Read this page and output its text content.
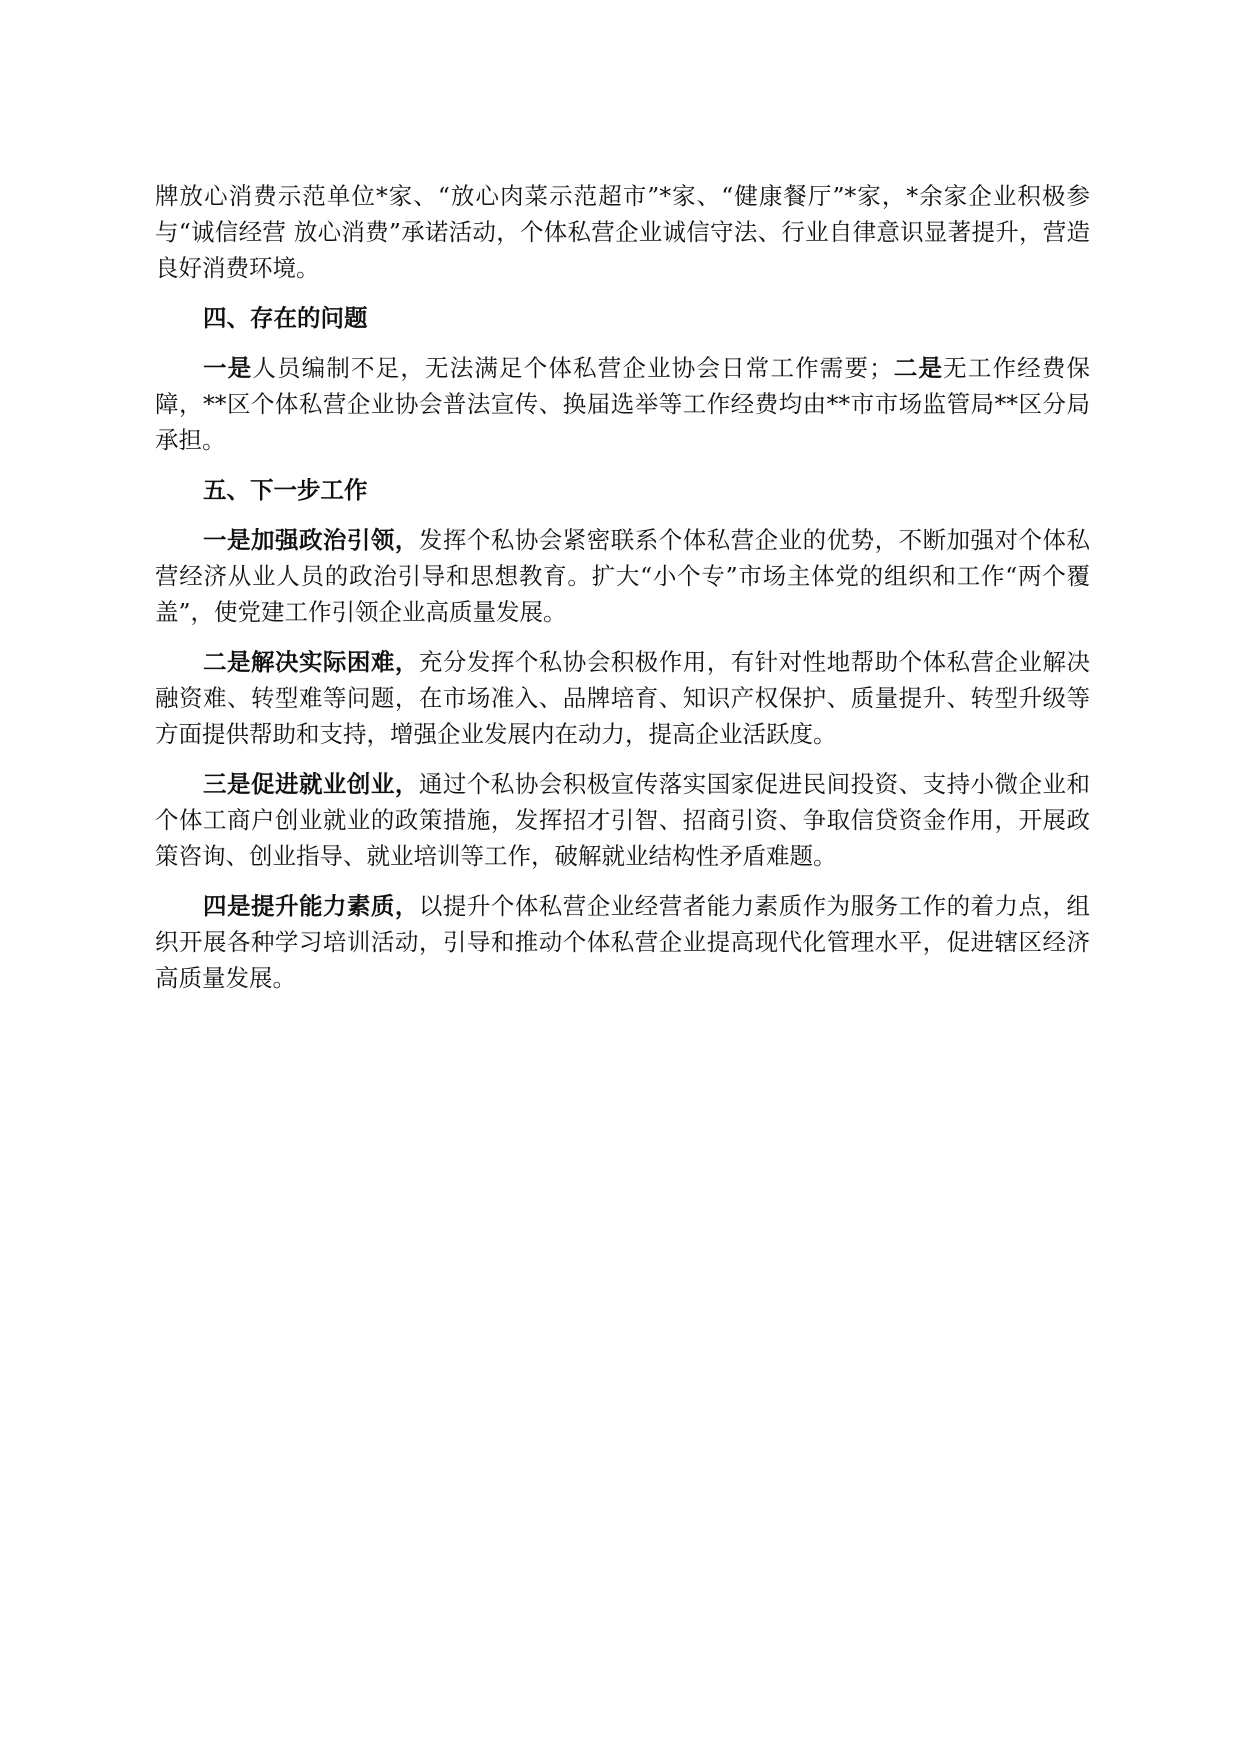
牌放心消费示范单位*家、“放心肉菜示范超市”*家、“健康餐厅”*家，*余家企业积极参与“诚信经营 放心消费”承诺活动，个体私营企业诚信守法、行业自律意识显著提升，营造良好消费环境。

四、存在的问题

一是人员编制不足，无法满足个体私营企业协会日常工作需要；二是无工作经费保障，**区个体私营企业协会普法宣传、换届选举等工作经费均由**市市场监管局**区分局承担。

五、下一步工作

一是加强政治引领，发挥个私协会紧密联系个体私营企业的优势，不断加强对个体私营经济从业人员的政治引导和思想教育。扩大“小个专”市场主体党的组织和工作“两个覆盖”，使党建工作引领企业高质量发展。

二是解决实际困难，充分发挥个私协会积极作用，有针对性地帮助个体私营企业解决融资难、转型难等问题，在市场准入、品牌培育、知识产权保护、质量提升、转型升级等方面提供帮助和支持，增强企业发展内在动力，提高企业活跃度。

三是促进就业创业，通过个私协会积极宣传落实国家促进民间投资、支持小微企业和个体工商户创业就业的政策措施，发挥招才引智、招商引资、争取信贷资金作用，开展政策咨询、创业指导、就业培训等工作，破解就业结构性矛盾难题。

四是提升能力素质，以提升个体私营企业经营者能力素质作为服务工作的着力点，组织开展各种学习培训活动，引导和推动个体私营企业提高现代化管理水平，促进辖区经济高质量发展。
